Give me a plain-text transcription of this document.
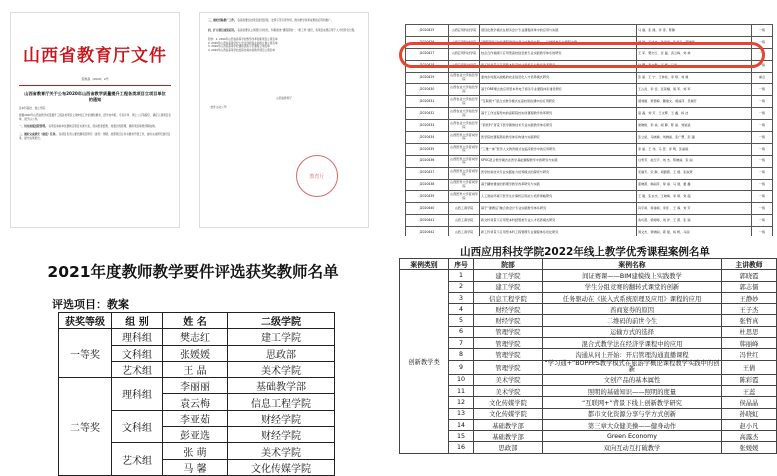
山西省教育厅文件
晋教高〔2020〕2号
山西省教育厅关于公布2020年山西省教学质量提升工程各类项目立项目单位的通知
各本科高校、独立学院：
根据2020年山西省教学质量提升工程各类项目立项申报工作的通知要求，经学校申报、专家评审、网上公示等程序，确定立项项目名单，现予以公布。
一、切实加强过程管理。 各项目承担单位要制定项目实施方案，落实配套经费，加强过程管理，确保项目取得预期成效。
二、做好完成研究（建设）任务。 各项目负责人要把握项目研究（建设）周期，按照项目任务书要求开展工作，按时完成研究建设任务，提交成果报告。
三、做好经验推广工作。 各高校要总结项目建设经验，发挥示范引领作用，推动教学改革成果的应用和推广。
四、扩大项目成果应用。 各高校要以立项项目为依托，积极推进“课程思政”、“新工科”建设，将项目成果应用于人才培养全过程。
附件：1. 2020年山西省高等学校教学改革创新项目立项名单
2. 2020年山西省高等学校大学生创新创业训练计划立项名单
3. 2020年山西省高等学校课程思政示范课程立项名单
4. 2020年山西省高等学校虚拟仿真实验教学项目立项名单
山西省教育厅
（此件主动公开）
教育厅
J2020425	山西应用科技学院	项目化教学模式在财务会计专业课程改革中的应用与实践	马 瑞、张 健、李 涛、陈静	一般
J2020426	山西应用科技学院	“课程思政”在线课程建设与混合式教学实践——以财经类专业课程为例	刘 敏、王成杰、孙丽丽、张美玉、郭晓刚	一般
J2020427	山西应用科技学院	校企合作视阈下应用型高校信息类专业实践教学体系的研究	王 军、樊志红、张 磊、袁云梅、刘 林	一般
J2020428	山西应用科技学院	新工科背景下应用型本科高校计算机专业教学改革研究	赵 鹏、李文静、王 刚、马丽	一般
J2020429	山西农业大学信息学院	面向乡村振兴战略的农业信息化人才培养模式研究	张 丽、王 宁、王林柱、李 婷、刘 晨	重点
J2020430	山西农业大学信息学院	基于OBE理念的应用型本科电子商务专业课程体系建设研究	王占武、李 佳、张荣耀、胡 军、刘 军	一般
J2020431	山西农业大学信息学院	“互联网+”混合式教学模式在高校思政课中的应用研究	郝刘刚、贾德梅、魏建文、胡丽萍、吴瑞芳	一般
J2020432	山西农业大学信息学院	基于工作过程导向的高职院校实训课程教学改革研究	高 磊、刘 芳、王文辉、王 鑫、杨 洁	一般
J2020433	山西农业大学信息学院	“新医科”背景下医学影像技术专业实践教学体系研究	梁晓艳、李 焱、阎 静、陈 丽、刘斌斌	一般
J2020434	山西医科大学晋祠学院	医学院校课程思政教学体系构建与实践研究	张立斌、马晓瑜、刘晓丽、张广慧、彭 越	一般
J2020435	山西医科大学晋祠学院	“三维一体”医学人文教育模式在临床教学中的应用研究	李 丽、王 伟、马 哲、李 明、张丽娟	一般
J2020436	山西医科大学晋祠学院	SPOC混合教学模式在医学基础课程教学中的研究与实践	白雪芳、赵红宇、刘 杰、陈晓丽、张 丽	一般
J2020437	山西医科大学晋祠学院	医学检验技术专业实践能力培养模式的探索与研究	宋瑞芳、宋 静、胡碧霞、王 翔、张淑贤	一般
J2020438	山西医科大学晋祠学院	基于翻转课堂的药理学教学改革研究与实践	姜晓燕、韩丽萍、徐 丽、马 建、董 鑫	一般
J2020439	山西医科大学晋祠学院	人工智能环境下医学生计算机应用能力培养策略研究	王 刚、张永杰、王晓梅、李 婷、刘 超	一般
J2020440	山西工商学院	基于“课赛证”融合的会计专业实践教学体系研究	冯宇鸿、杨睿娟、李佳 、王 蓉、刘 芳	一般
J2020441	山西工商学院	新文科背景下应用型本科经管类专业人才培养模式研究	武巧燕、梁婷婷、刘 洋、王 霞、张 颖	一般
J2020442	山西工商学院	新工科背景下应用型本科工程管理专业课程体系优化研究	周文杰、贾晓丽、郭 强、杨 帆、马丽	一般
2021年度教师教学要件评选获奖教师名单
评选项目：教案
获奖等级	组 别	姓 名	二级学院
一等奖	理科组	樊志红	建工学院
	文科组	张媛媛	思政部
	艺术组	王 晶	美术学院
二等奖	理科组	李丽丽	基础教学部
		袁云梅	信息工程学院
	文科组	李亚茹	财经学院
		彭亚选	财经学院
	艺术组	张 萌	美术学院
		马 馨	文化传媒学院
山西应用科技学院2022年线上教学优秀课程案例名单
案例类别	序号	院部	案例名称	主讲教师
创新教学类	1	建工学院	间证赛课——BIM建模线上实践教学	郭晓霞
	2	建工学院	学生分组竞赛的翻转式课堂的创新	郭志儒
	3	信息工程学院	任务驱动在《嵌入式系统原理及应用》课程的应用	王静妙
	4	财经学院	酋商宴券的原因	王子杰
	5	财经学院	二维码的前世今生	张哲真
	6	管理学院	运输方式的选择	杜思思
	7	管理学院	混合式教学法在经济学课程中的应用	韩丽峰
	8	管理学院	沟通从问上开始：开启管理沟通直播课程	冯世红
	9	管理学院	“学习通+”BOPPPS教学模式在旅游学概论课程教学实践中的创新	王倩
	10	美术学院	文创产品的基本属性	陈彩霞
	11	美术学院	照明的基础知识——照明的度量	王蕊
	12	文化传媒学院	“互联网+”背景下线上创新教学研究	侯晶晶
	13	文化传媒学院	都市文化资源分享与学方式创新	孙晓虹
	14	基础教学部	第三章大众健美操——健身动作	赵小凡
	15	基础教学部	Green Economy	高露杰
	16	思政部	双向互动互打破教学	张媛媛
